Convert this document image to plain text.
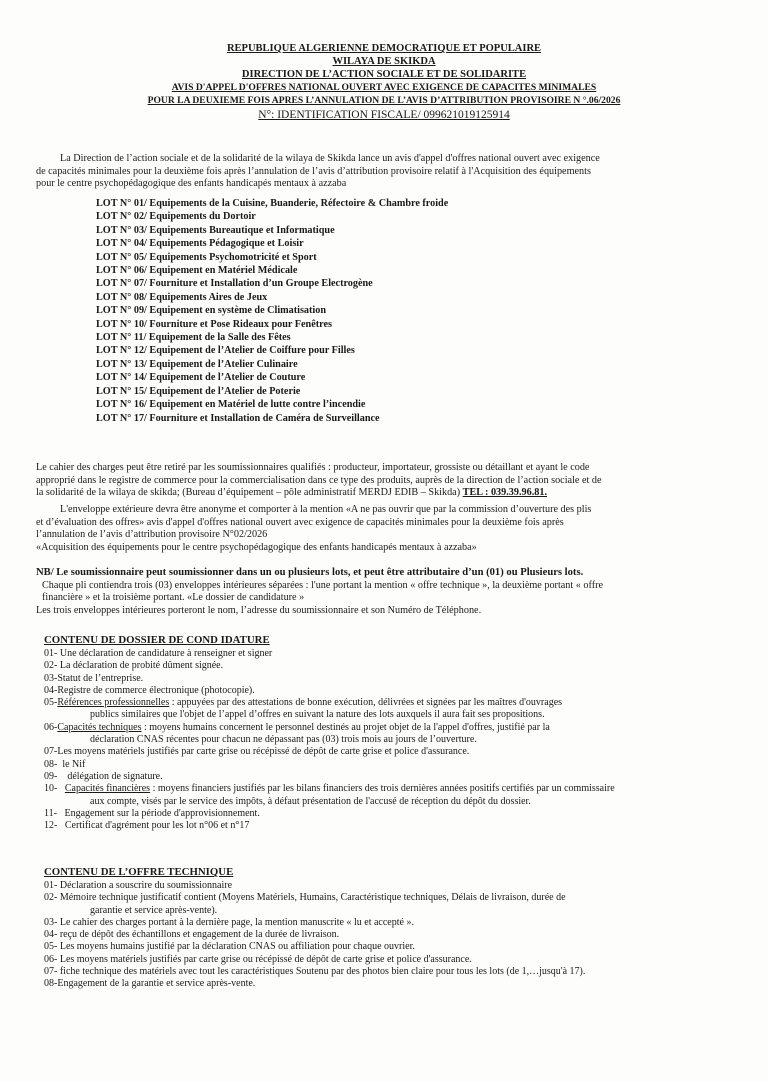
REPUBLIQUE ALGERIENNE DEMOCRATIQUE ET POPULAIRE
WILAYA DE SKIKDA
DIRECTION DE L’ACTION SOCIALE ET DE SOLIDARITE
AVIS D'APPEL D'OFFRES NATIONAL OUVERT AVEC EXIGENCE DE CAPACITES MINIMALES
POUR LA DEUXIEME FOIS APRES L’ANNULATION DE L’AVIS D’ATTRIBUTION PROVISOIRE N °.06/2026
N°: IDENTIFICATION FISCALE/ 099621019125914
La Direction de l’action sociale et de la solidarité de la wilaya de Skikda lance un avis d'appel d'offres national ouvert avec exigence
de capacités minimales pour la deuxième fois après l’annulation de l’avis d’attribution provisoire relatif à l'Acquisition des équipements
pour le centre psychopédagogique des enfants handicapés mentaux à azzaba
LOT N° 01/ Equipements de la Cuisine, Buanderie, Réfectoire & Chambre froide
LOT N° 02/ Equipements du Dortoir
LOT N° 03/ Equipements Bureautique et Informatique
LOT N° 04/ Equipements Pédagogique et Loisir
LOT N° 05/ Equipements Psychomotricité et Sport
LOT N° 06/ Equipement en Matériel Médicale
LOT N° 07/ Fourniture et Installation d’un Groupe Electrogène
LOT N° 08/ Equipements Aires de Jeux
LOT N° 09/ Equipement en système de Climatisation
LOT N° 10/ Fourniture et Pose Rideaux pour Fenêtres
LOT N° 11/ Equipement de la Salle des Fêtes
LOT N° 12/ Equipement de l’Atelier de Coiffure pour Filles
LOT N° 13/ Equipement de l’Atelier Culinaire
LOT N° 14/ Equipement de l’Atelier de Couture
LOT N° 15/ Equipement de l’Atelier de Poterie
LOT N° 16/ Equipement en Matériel de lutte contre l’incendie
LOT N° 17/ Fourniture et Installation de Caméra de Surveillance
Le cahier des charges peut être retiré par les soumissionnaires qualifiés : producteur, importateur, grossiste ou détaillant et ayant le code
approprié dans le registre de commerce pour la commercialisation dans ce type des produits, auprès de la direction de l’action sociale et de
la solidarité de la wilaya de skikda; (Bureau d’équipement – pôle administratif MERDJ EDIB – Skikda) TEL : 039.39.96.81.
L'enveloppe extérieure devra être anonyme et comporter à la mention «A ne pas ouvrir que par la commission d’ouverture des plis
et d’évaluation des offres» avis d'appel d'offres national ouvert avec exigence de capacités minimales pour la deuxième fois après
l’annulation de l’avis d’attribution provisoire N°02/2026
«Acquisition des équipements pour le centre psychopédagogique des enfants handicapés mentaux à azzaba»
NB/ Le soumissionnaire peut soumissionner dans un ou plusieurs lots, et peut être attributaire d’un (01) ou Plusieurs lots.
Chaque pli contiendra trois (03) enveloppes intérieures séparées : l'une portant la mention « offre technique », la deuxième portant « offre
financière » et la troisième portant. «Le dossier de candidature »
Les trois enveloppes intérieures porteront le nom, l’adresse du soumissionnaire et son Numéro de Téléphone.
CONTENU DE DOSSIER DE COND IDATURE
01- Une déclaration de candidature à renseigner et signer
02- La déclaration de probité dûment signée.
03-Statut de l’entreprise.
04-Registre de commerce électronique (photocopie).
05-Références professionnelles : appuyées par des attestations de bonne exécution, délivrées et signées par les maîtres d'ouvrages
publics similaires que l'objet de l’appel d’offres en suivant la nature des lots auxquels il aura fait ses propositions.
06-Capacités techniques : moyens humains concernent le personnel destinés au projet objet de la l'appel d'offres, justifié par la
déclaration CNAS récentes pour chacun ne dépassant pas (03) trois mois au jours de l’ouverture.
07-Les moyens matériels justifiés par carte grise ou récépissé de dépôt de carte grise et police d'assurance.
08-  le Nif
09-    délégation de signature.
10-   Capacités financières : moyens financiers justifiés par les bilans financiers des trois dernières années positifs certifiés par un commissaire
aux compte, visés par le service des impôts, à défaut présentation de l'accusé de réception du dépôt du dossier.
11-   Engagement sur la période d'approvisionnement.
12-   Certificat d'agrément pour les lot n°06 et n°17
CONTENU DE L’OFFRE TECHNIQUE
01- Déclaration a souscrire du soumissionnaire
02- Mémoire technique justificatif contient (Moyens Matériels, Humains, Caractéristique techniques, Délais de livraison, durée de
garantie et service après-vente).
03- Le cahier des charges portant à la dernière page, la mention manuscrite « lu et accepté ».
04- reçu de dépôt des échantillons et engagement de la durée de livraison.
05- Les moyens humains justifié par la déclaration CNAS ou affiliation pour chaque ouvrier.
06- Les moyens matériels justifiés par carte grise ou récépissé de dépôt de carte grise et police d'assurance.
07- fiche technique des matériels avec tout les caractéristiques Soutenu par des photos bien claire pour tous les lots (de 1,…jusqu'à 17).
08-Engagement de la garantie et service après-vente.
